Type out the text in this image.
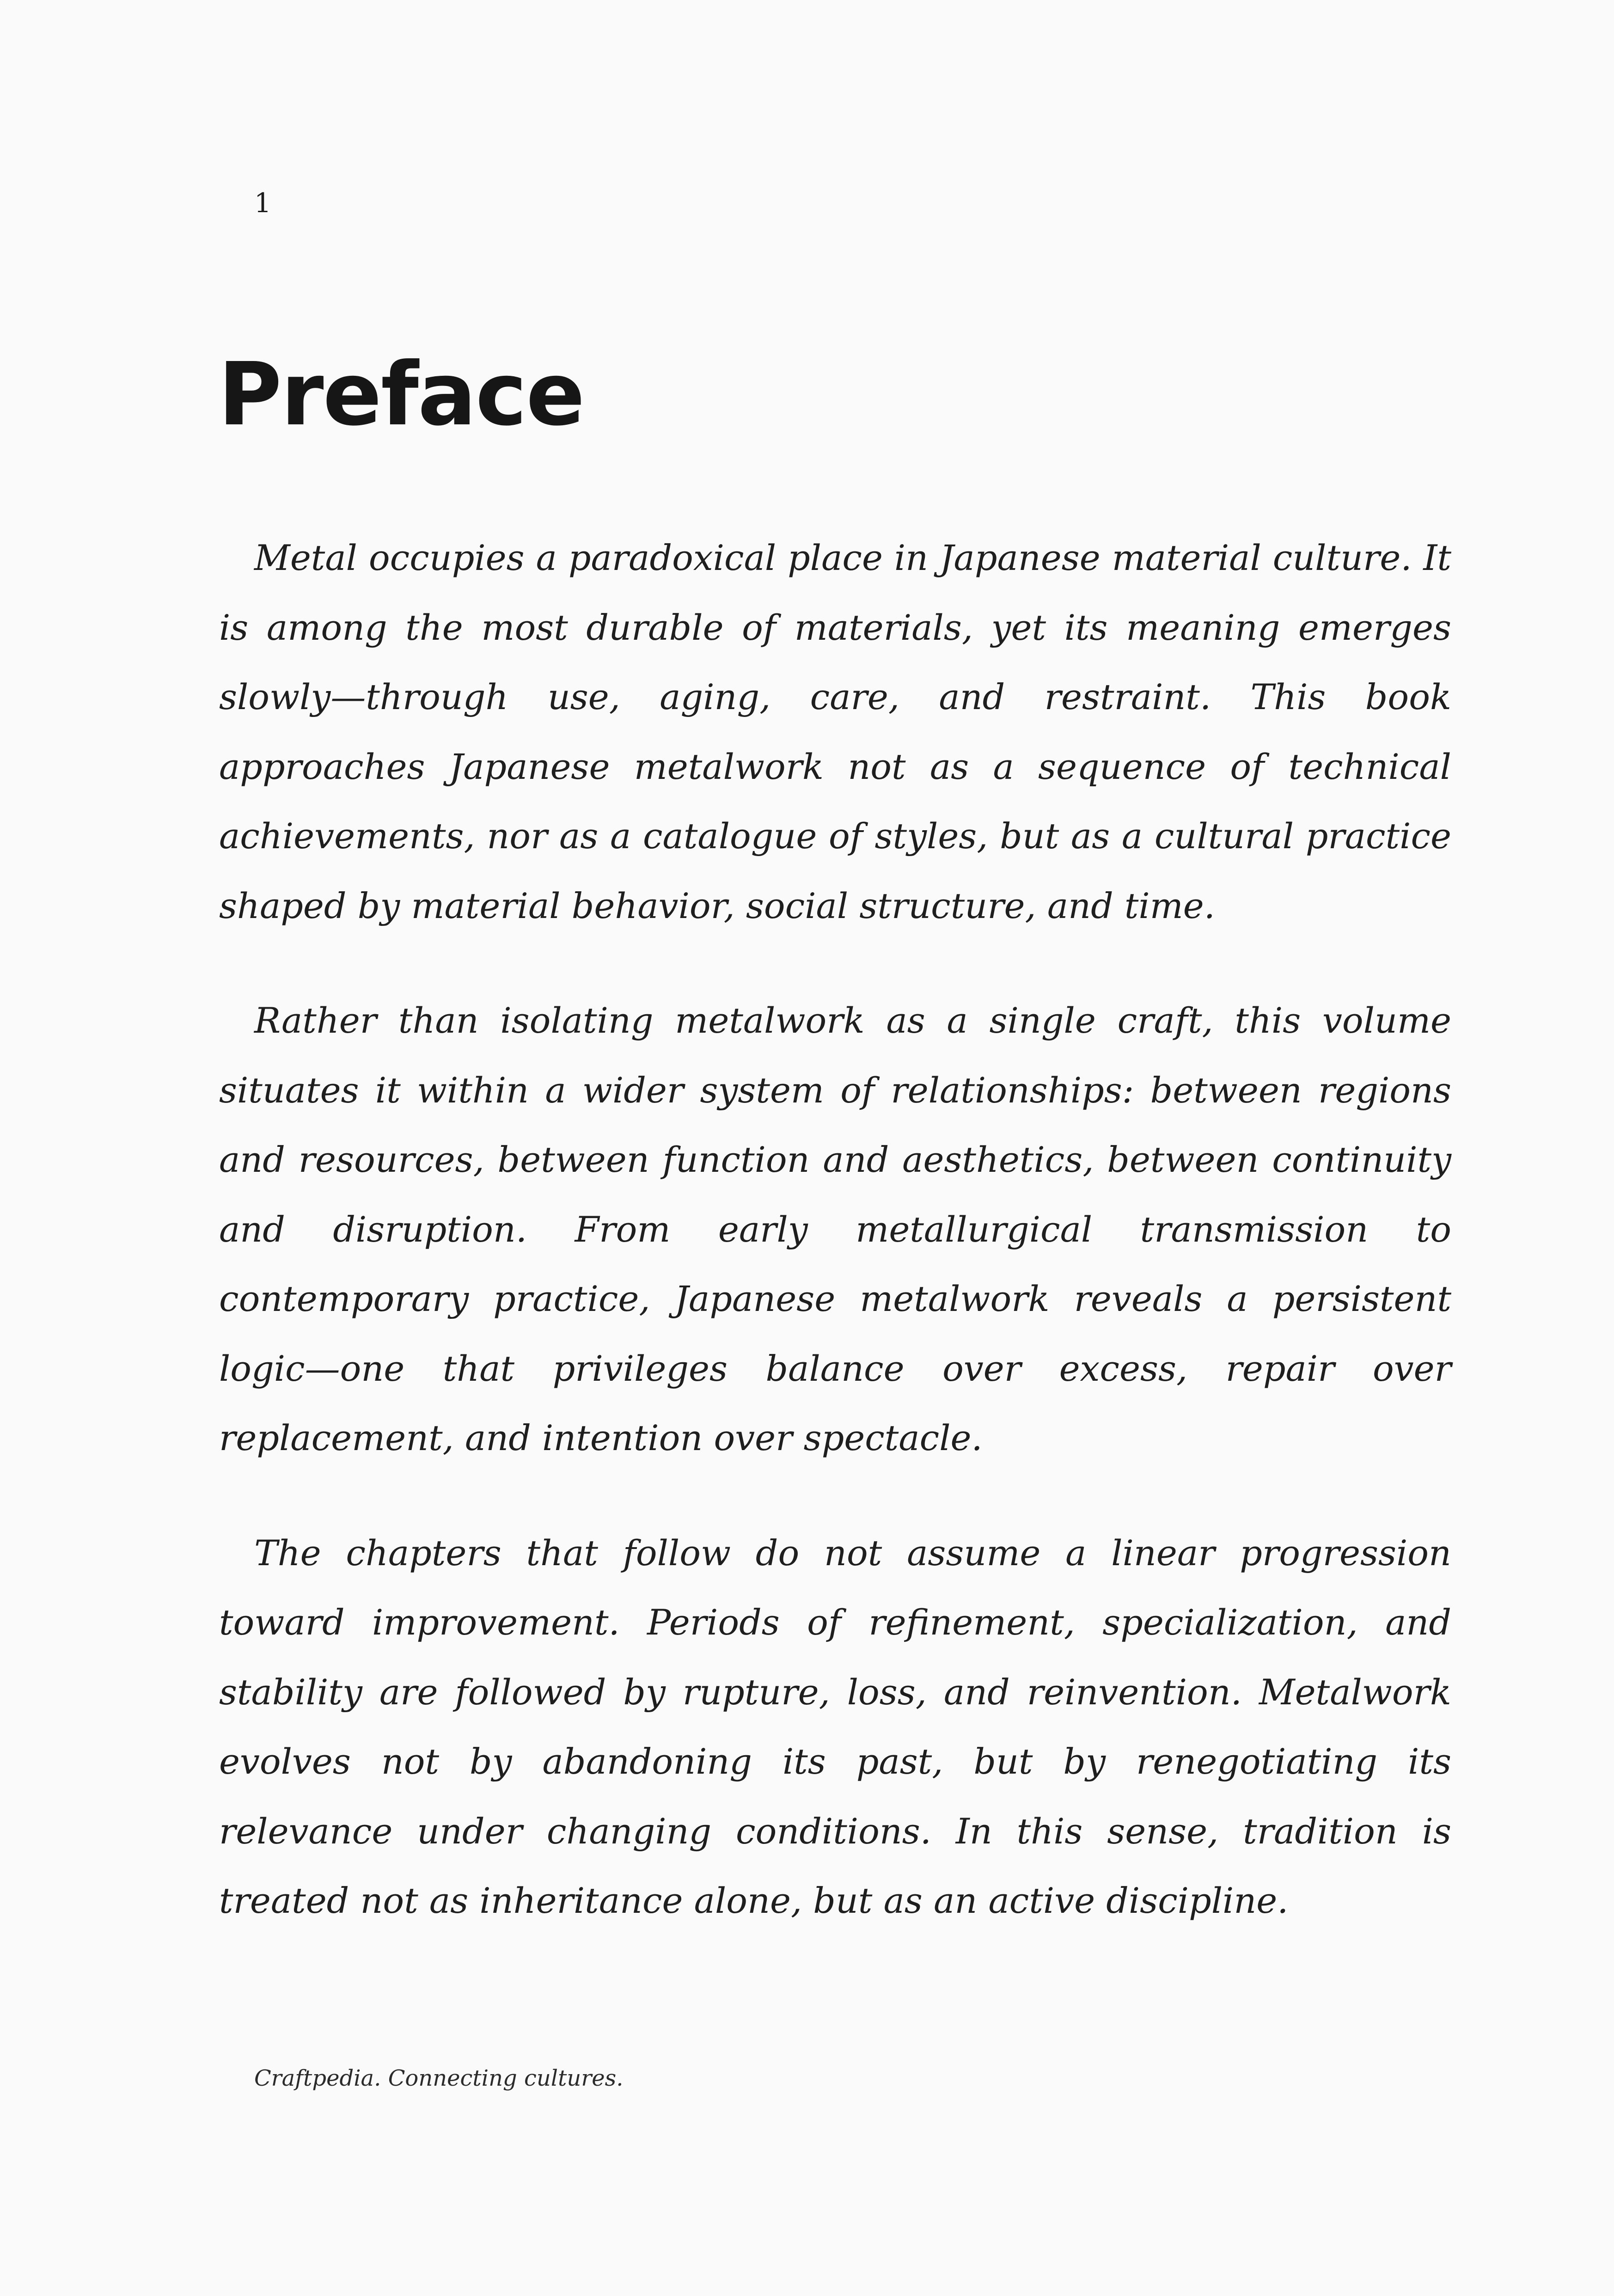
1
Preface

Metal occupies a paradoxical place in Japanese material culture. It is among the most durable of materials, yet its meaning emerges slowly—through use, aging, care, and restraint. This book approaches Japanese metalwork not as a sequence of technical achievements, nor as a catalogue of styles, but as a cultural practice shaped by material behavior, social structure, and time.

Rather than isolating metalwork as a single craft, this volume situates it within a wider system of relationships: between regions and resources, between function and aesthetics, between continuity and disruption. From early metallurgical transmission to contemporary practice, Japanese metalwork reveals a persistent logic—one that privileges balance over excess, repair over replacement, and intention over spectacle.

The chapters that follow do not assume a linear progression toward improvement. Periods of refinement, specialization, and stability are followed by rupture, loss, and reinvention. Metalwork evolves not by abandoning its past, but by renegotiating its relevance under changing conditions. In this sense, tradition is treated not as inheritance alone, but as an active discipline.

Craftpedia. Connecting cultures.
